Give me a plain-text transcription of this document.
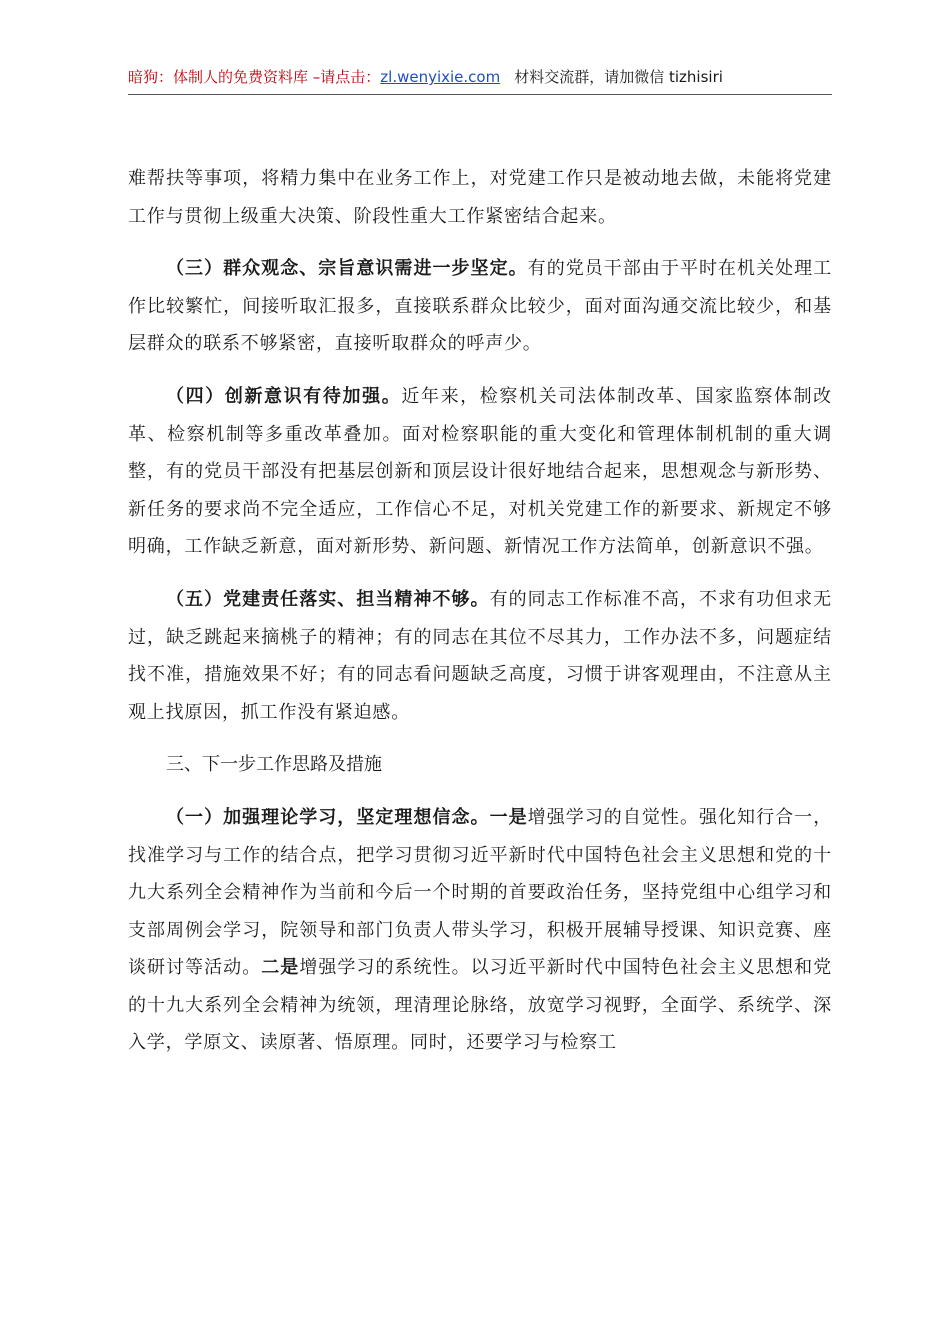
暗狗：体制人的免费资料库 –请点击：zl.wenyixie.com 材料交流群，请加微信 tizhisiri

难帮扶等事项，将精力集中在业务工作上，对党建工作只是被动地去做，未能将党建工作与贯彻上级重大决策、阶段性重大工作紧密结合起来。

（三）群众观念、宗旨意识需进一步坚定。有的党员干部由于平时在机关处理工作比较繁忙，间接听取汇报多，直接联系群众比较少，面对面沟通交流比较少，和基层群众的联系不够紧密，直接听取群众的呼声少。

（四）创新意识有待加强。近年来，检察机关司法体制改革、国家监察体制改革、检察机制等多重改革叠加。面对检察职能的重大变化和管理体制机制的重大调整，有的党员干部没有把基层创新和顶层设计很好地结合起来，思想观念与新形势、新任务的要求尚不完全适应，工作信心不足，对机关党建工作的新要求、新规定不够明确，工作缺乏新意，面对新形势、新问题、新情况工作方法简单，创新意识不强。

（五）党建责任落实、担当精神不够。有的同志工作标准不高，不求有功但求无过，缺乏跳起来摘桃子的精神；有的同志在其位不尽其力，工作办法不多，问题症结找不准，措施效果不好；有的同志看问题缺乏高度，习惯于讲客观理由，不注意从主观上找原因，抓工作没有紧迫感。

三、下一步工作思路及措施

（一）加强理论学习，坚定理想信念。一是增强学习的自觉性。强化知行合一，找准学习与工作的结合点，把学习贯彻习近平新时代中国特色社会主义思想和党的十九大系列全会精神作为当前和今后一个时期的首要政治任务，坚持党组中心组学习和支部周例会学习，院领导和部门负责人带头学习，积极开展辅导授课、知识竞赛、座谈研讨等活动。二是增强学习的系统性。以习近平新时代中国特色社会主义思想和党的十九大系列全会精神为统领，理清理论脉络，放宽学习视野，全面学、系统学、深入学，学原文、读原著、悟原理。同时，还要学习与检察工
